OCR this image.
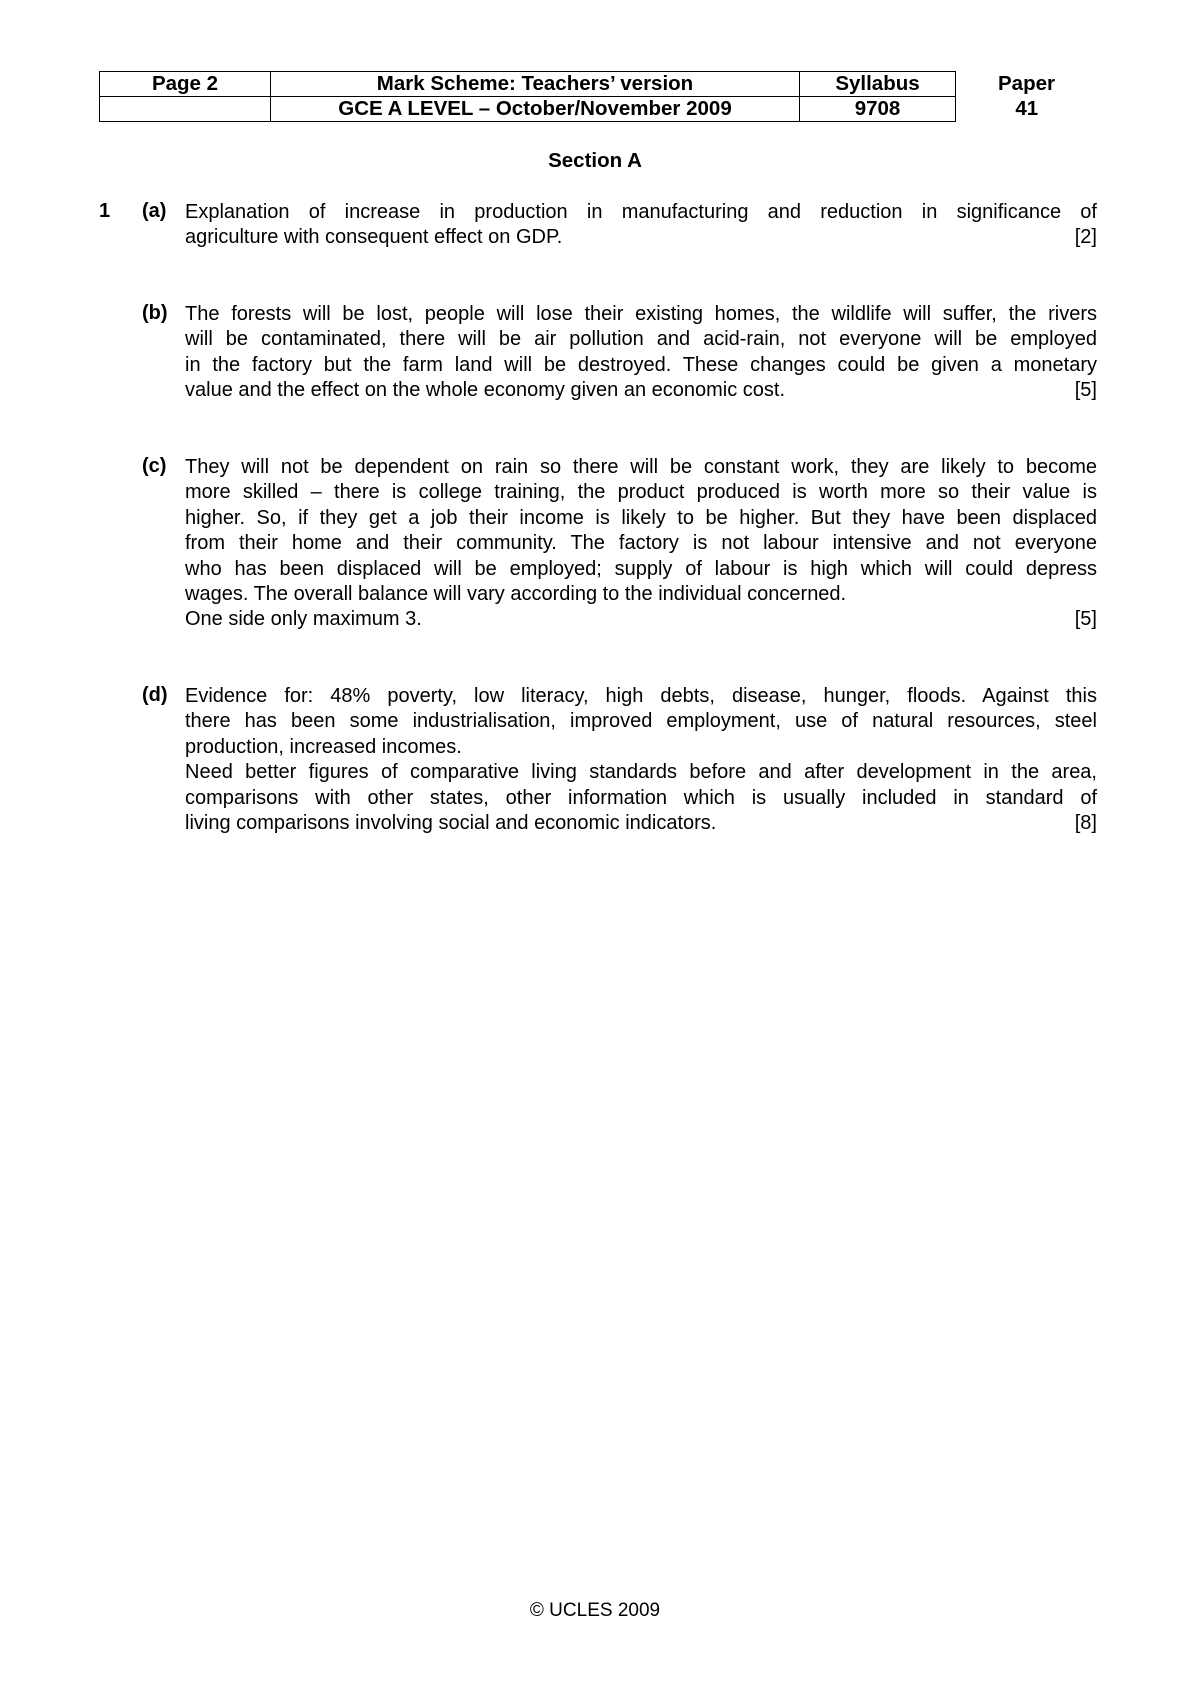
Page 2	Mark Scheme: Teachers’ version	Syllabus	Paper
	GCE A LEVEL – October/November 2009	9708	41
Section A
1 (a) Explanation of increase in production in manufacturing and reduction in significance of
agriculture with consequent effect on GDP.	[2]
(b) The forests will be lost, people will lose their existing homes, the wildlife will suffer, the rivers
will be contaminated, there will be air pollution and acid-rain, not everyone will be employed
in the factory but the farm land will be destroyed. These changes could be given a monetary
value and the effect on the whole economy given an economic cost.	[5]
(c) They will not be dependent on rain so there will be constant work, they are likely to become
more skilled – there is college training, the product produced is worth more so their value is
higher. So, if they get a job their income is likely to be higher. But they have been displaced
from their home and their community. The factory is not labour intensive and not everyone
who has been displaced will be employed; supply of labour is high which will could depress
wages. The overall balance will vary according to the individual concerned.
One side only maximum 3.	[5]
(d) Evidence for: 48% poverty, low literacy, high debts, disease, hunger, floods. Against this
there has been some industrialisation, improved employment, use of natural resources, steel
production, increased incomes.
Need better figures of comparative living standards before and after development in the area,
comparisons with other states, other information which is usually included in standard of
living comparisons involving social and economic indicators.	[8]
© UCLES 2009
